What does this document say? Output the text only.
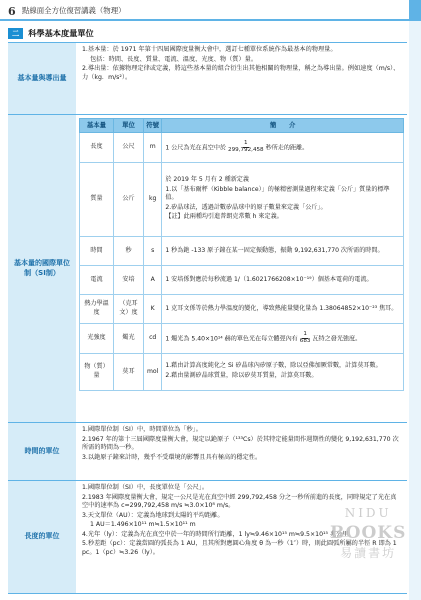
6 點線面全方位復習講義（物理）
二	科學基本度量單位
基本量與導出量

1.基本量：於 1971 年第十四屆國際度量衡大會中，選訂七種單位系統作為最基本的物理量。

包括：時間、長度、質量、電流、溫度、光度、物（質）量。

2.導出量：依據物理定律或定義，將這些基本量的組合衍生出其他相關的物理量，稱之為導出量。例如速度（m/s）、力（kg．m/s²）。

基本量的國際單位制（SI制）
基本量	單位	符號	簡　　介
長度	公尺	m	1 公尺為光在真空中於 $\frac{1}{299,792,458}$ 秒所走的距離。
質量	公斤	kg	於 2019 年 5 月有 2 種新定義

1.以「基布爾秤（Kibble balance）」的極精密測量過程來定義「公斤」質量的標準值。

2.矽晶球法，透過計數矽晶球中的原子數量來定義「公斤」。

【註】此兩種均引進普朗克常數 h 來定義。

時間	秒	s	1 秒為銫 -133 原子鐘在某一固定振動態，振動 9,192,631,770 次所需的時間。
電流	安培	A	1 安培係對應於每秒流過 1/（1.6021766208×10⁻¹⁹）個基本電荷的電流。
熱力學溫度	（克耳文）度	K	1 克耳文係等於熱力學溫度的變化，導致熱能量變化量為 1.38064852×10⁻²³ 焦耳。
光強度	燭光	cd	1 燭光為 5.40×10¹⁴ 赫的單色光在每立體弳內有 $\frac{1}{683}$ 瓦特之發光強度。
物（質）量	莫耳	mol	1.藉由計算高度純化之 Si 矽晶球內矽原子數，除以亞佛加厥常數，計算莫耳數。

2.藉由量測矽晶球質量，除以矽莫耳質量，計算莫耳數。

時間的單位

1.國際單位制（SI）中，時間單位為「秒」。

2.1967 年的第十三屆國際度量衡大會，規定以銫原子（¹³³Cs）於其特定能量間作週期性的變化 9,192,631,770 次所需的時間為一秒。

3.以銫原子鐘來計時，幾乎不受環境的影響且具有極高的穩定性。

長度的單位

1.國際單位制（SI）中，長度單位是「公尺」。

2.1983 年國際度量衡大會，規定一公尺是光在真空中經 299,792,458 分之一秒所前進的長度，同時規定了光在真空中的速率為 c=299,792,458 m/s ≒3.0×10⁸ m/s。

3.天文單位（AU）：定義為地球到太陽的平均距離。

1 AU＝1.496×10¹¹ m≒1.5×10¹¹ m

4.光年（ly）：定義為光在真空中於一年的時間所行距離，1 ly≒9.46×10¹⁵ m≒9.5×10¹⁵ 兆公里。

5.秒差距（pc）：定義當圓的弧長為 1 AU，且其所對應圓心角度 θ 為一秒（1″）時，則此圓弧所屬的半徑 R 即為 1 pc。1（pc）≒3.26（ly）。

NIDU
BOOKS
易讀書坊
